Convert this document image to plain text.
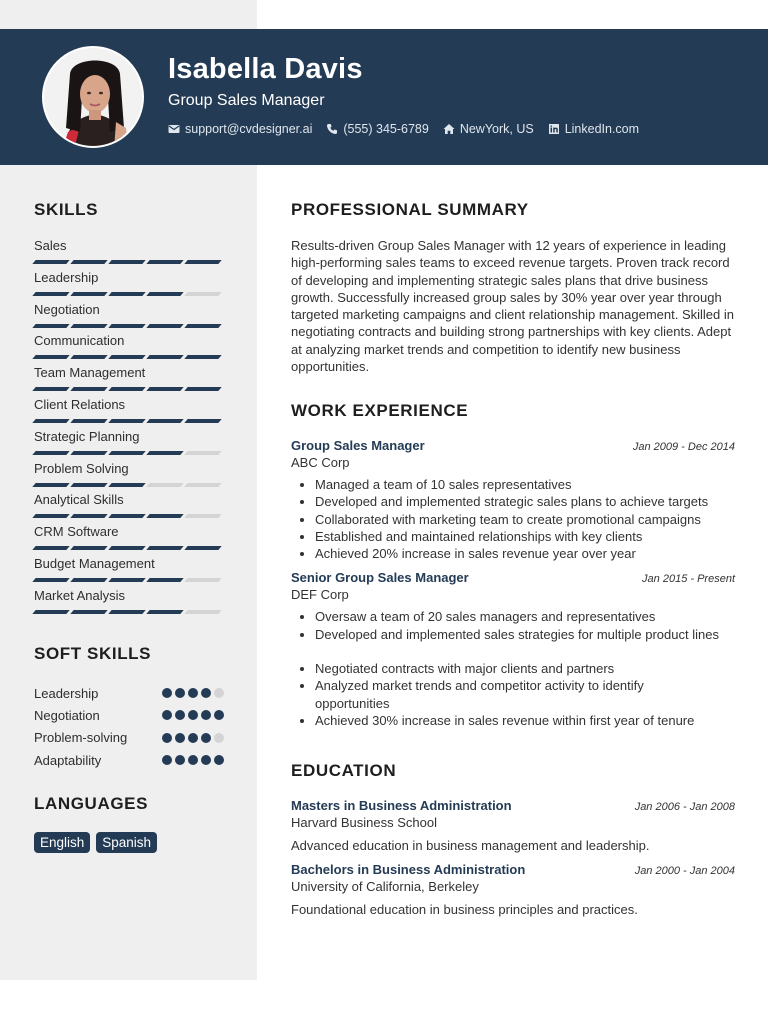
Isabella Davis
Group Sales Manager
support@cvdesigner.ai (555) 345-6789 NewYork, US LinkedIn.com
SKILLS
Sales
Leadership
Negotiation
Communication
Team Management
Client Relations
Strategic Planning
Problem Solving
Analytical Skills
CRM Software
Budget Management
Market Analysis
SOFT SKILLS
Leadership
Negotiation
Problem-solving
Adaptability
LANGUAGES
English	Spanish
PROFESSIONAL SUMMARY
Results-driven Group Sales Manager with 12 years of experience in leading high-performing sales teams to exceed revenue targets. Proven track record of developing and implementing strategic sales plans that drive business growth. Successfully increased group sales by 30% year over year through targeted marketing campaigns and client relationship management. Skilled in negotiating contracts and building strong partnerships with key clients. Adept at analyzing market trends and competition to identify new business opportunities.
WORK EXPERIENCE
Group Sales Manager	Jan 2009 - Dec 2014
ABC Corp
• Managed a team of 10 sales representatives
• Developed and implemented strategic sales plans to achieve targets
• Collaborated with marketing team to create promotional campaigns
• Established and maintained relationships with key clients
• Achieved 20% increase in sales revenue year over year
Senior Group Sales Manager	Jan 2015 - Present
DEF Corp
• Oversaw a team of 20 sales managers and representatives
• Developed and implemented sales strategies for multiple product lines
• Negotiated contracts with major clients and partners
• Analyzed market trends and competitor activity to identify opportunities
• Achieved 30% increase in sales revenue within first year of tenure
EDUCATION
Masters in Business Administration	Jan 2006 - Jan 2008
Harvard Business School
Advanced education in business management and leadership.
Bachelors in Business Administration	Jan 2000 - Jan 2004
University of California, Berkeley
Foundational education in business principles and practices.
